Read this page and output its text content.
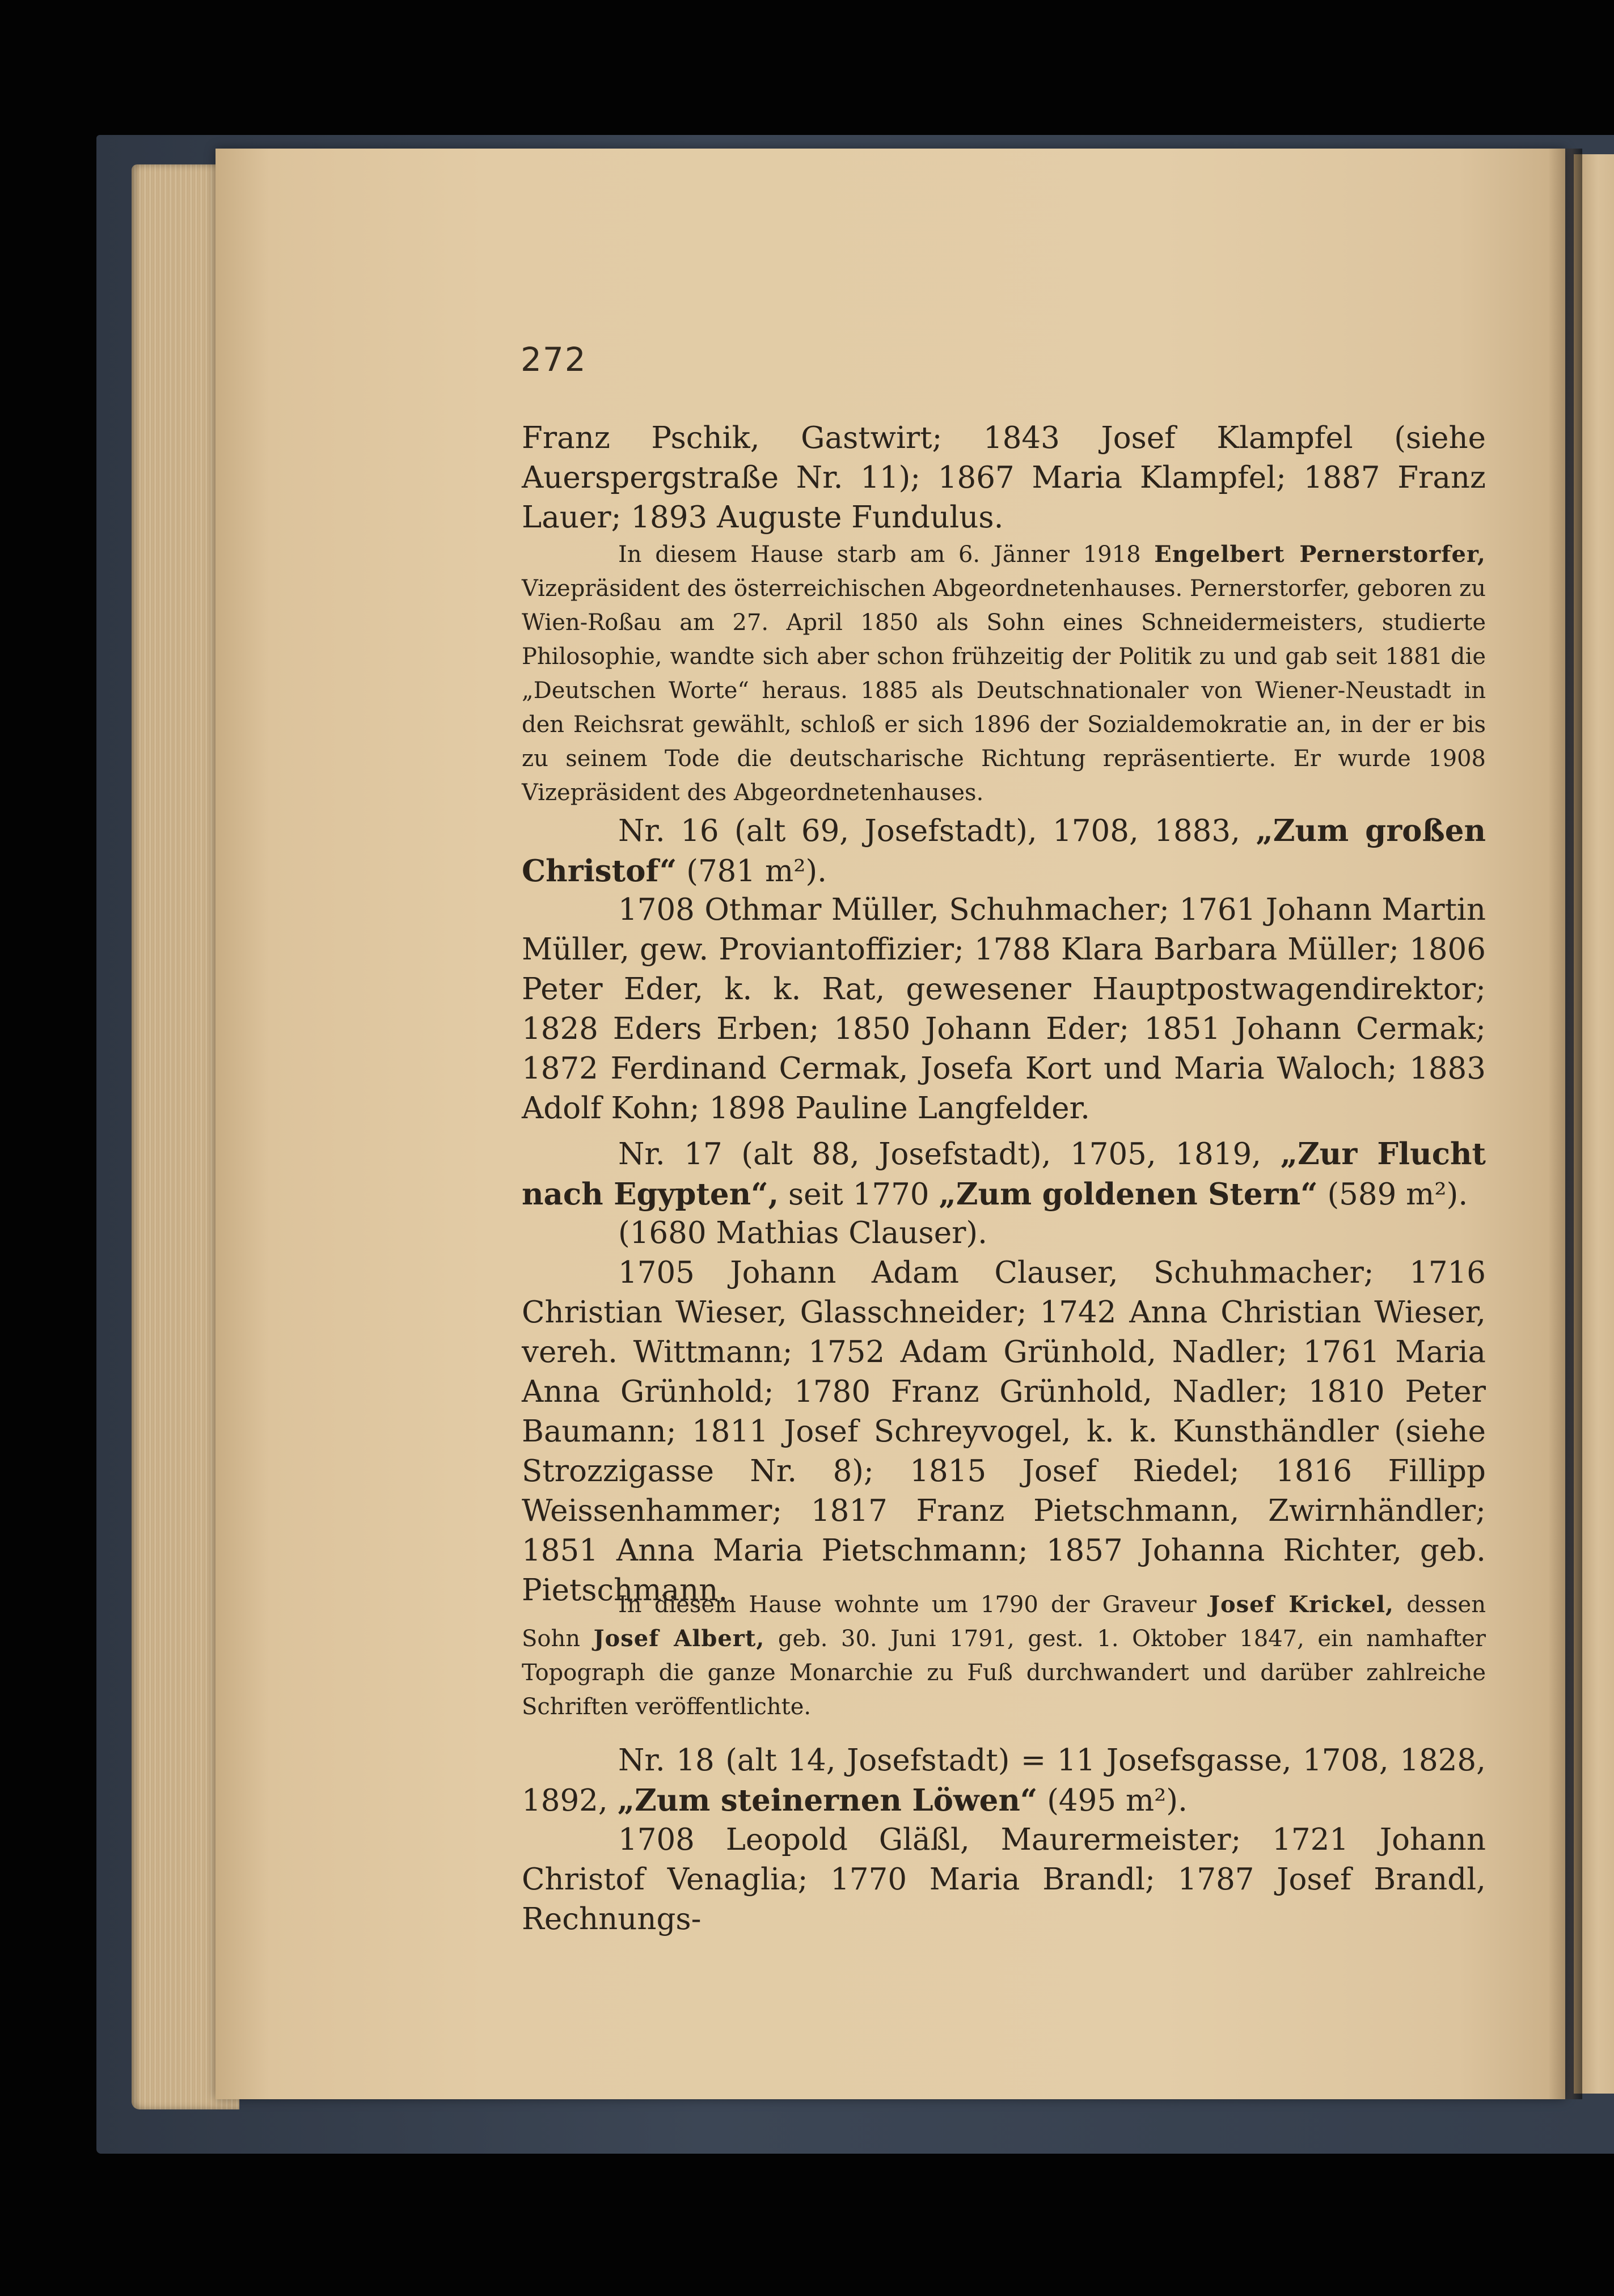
272

Franz Pschik, Gastwirt; 1843 Josef Klampfel (siehe Auerspergstraße Nr. 11); 1867 Maria Klampfel; 1887 Franz Lauer; 1893 Auguste Fundulus.

In diesem Hause starb am 6. Jänner 1918 Engelbert Pernerstorfer, Vizepräsident des österreichischen Abgeordnetenhauses. Pernerstorfer, geboren zu Wien-Roßau am 27. April 1850 als Sohn eines Schneidermeisters, studierte Philosophie, wandte sich aber schon frühzeitig der Politik zu und gab seit 1881 die „Deutschen Worte“ heraus. 1885 als Deutschnationaler von Wiener-Neustadt in den Reichsrat gewählt, schloß er sich 1896 der Sozialdemokratie an, in der er bis zu seinem Tode die deutscharische Richtung repräsentierte. Er wurde 1908 Vizepräsident des Abgeordnetenhauses.

Nr. 16 (alt 69, Josefstadt), 1708, 1883, „Zum großen Christof“ (781 m²).

1708 Othmar Müller, Schuhmacher; 1761 Johann Martin Müller, gew. Proviantoffizier; 1788 Klara Barbara Müller; 1806 Peter Eder, k. k. Rat, gewesener Hauptpostwagendirektor; 1828 Eders Erben; 1850 Johann Eder; 1851 Johann Cermak; 1872 Ferdinand Cermak, Josefa Kort und Maria Waloch; 1883 Adolf Kohn; 1898 Pauline Langfelder.

Nr. 17 (alt 88, Josefstadt), 1705, 1819, „Zur Flucht nach Egypten“, seit 1770 „Zum goldenen Stern“ (589 m²).

(1680 Mathias Clauser).

1705 Johann Adam Clauser, Schuhmacher; 1716 Christian Wieser, Glasschneider; 1742 Anna Christian Wieser, vereh. Wittmann; 1752 Adam Grünhold, Nadler; 1761 Maria Anna Grünhold; 1780 Franz Grünhold, Nadler; 1810 Peter Baumann; 1811 Josef Schreyvogel, k. k. Kunsthändler (siehe Strozzigasse Nr. 8); 1815 Josef Riedel; 1816 Fillipp Weissenhammer; 1817 Franz Pietschmann, Zwirnhändler; 1851 Anna Maria Pietschmann; 1857 Johanna Richter, geb. Pietschmann.

In diesem Hause wohnte um 1790 der Graveur Josef Krickel, dessen Sohn Josef Albert, geb. 30. Juni 1791, gest. 1. Oktober 1847, ein namhafter Topograph die ganze Monarchie zu Fuß durchwandert und darüber zahlreiche Schriften veröffentlichte.

Nr. 18 (alt 14, Josefstadt) = 11 Josefsgasse, 1708, 1828, 1892, „Zum steinernen Löwen“ (495 m²).

1708 Leopold Gläßl, Maurermeister; 1721 Johann Christof Venaglia; 1770 Maria Brandl; 1787 Josef Brandl, Rechnungs-
